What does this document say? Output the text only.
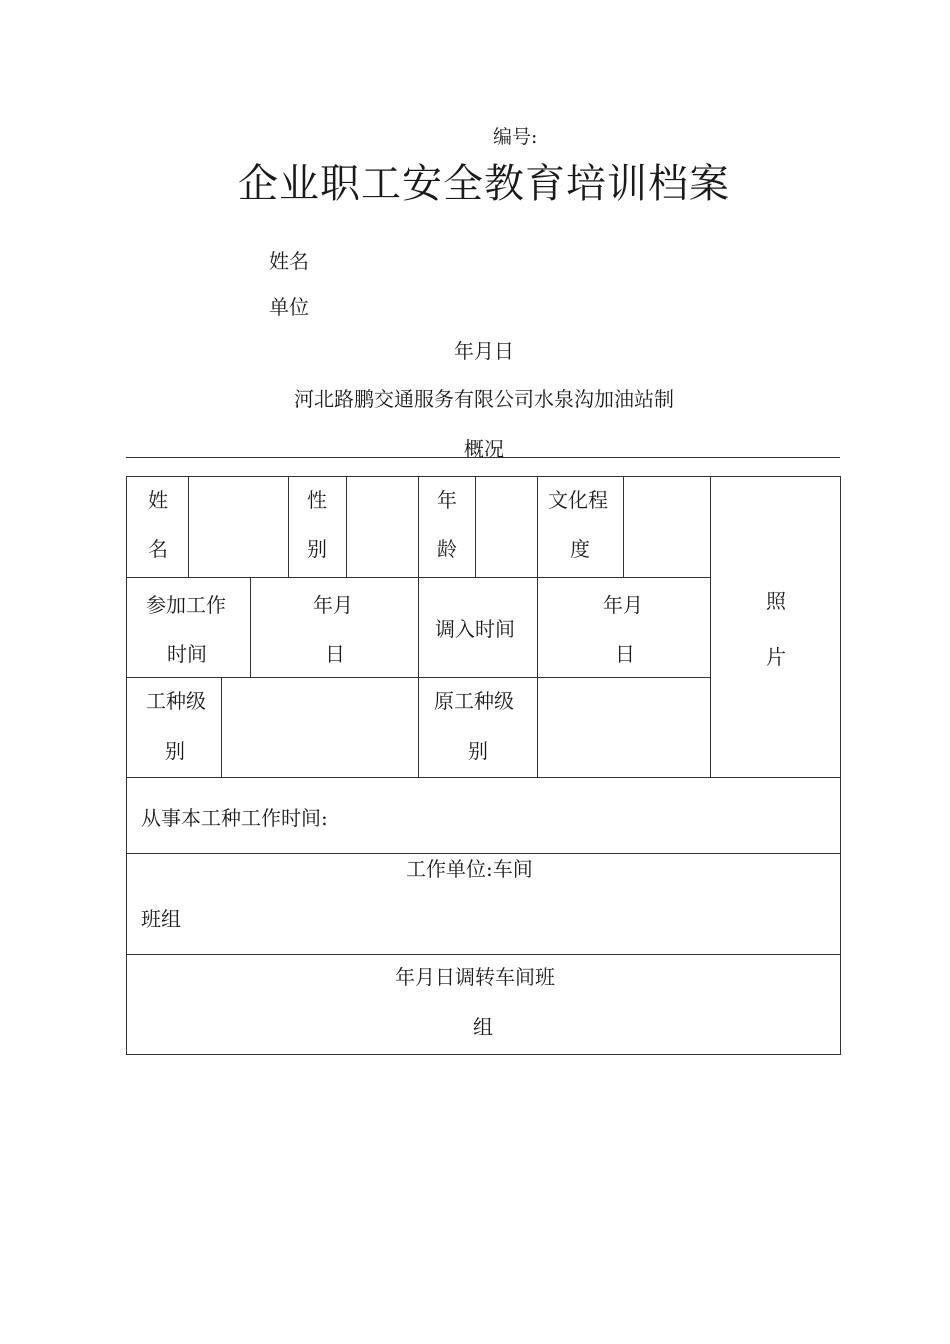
编号:
企业职工安全教育培训档案
姓名
单位
年月日
河北路鹏交通服务有限公司水泉沟加油站制
概况
姓
名
性
别
年
龄
文化程
度
参加工作
时间
年月
日
调入时间
年月
日
照
片
工种级
别
原工种级
别
从事本工种工作时间:
工作单位:车间
班组
年月日调转车间班
组
